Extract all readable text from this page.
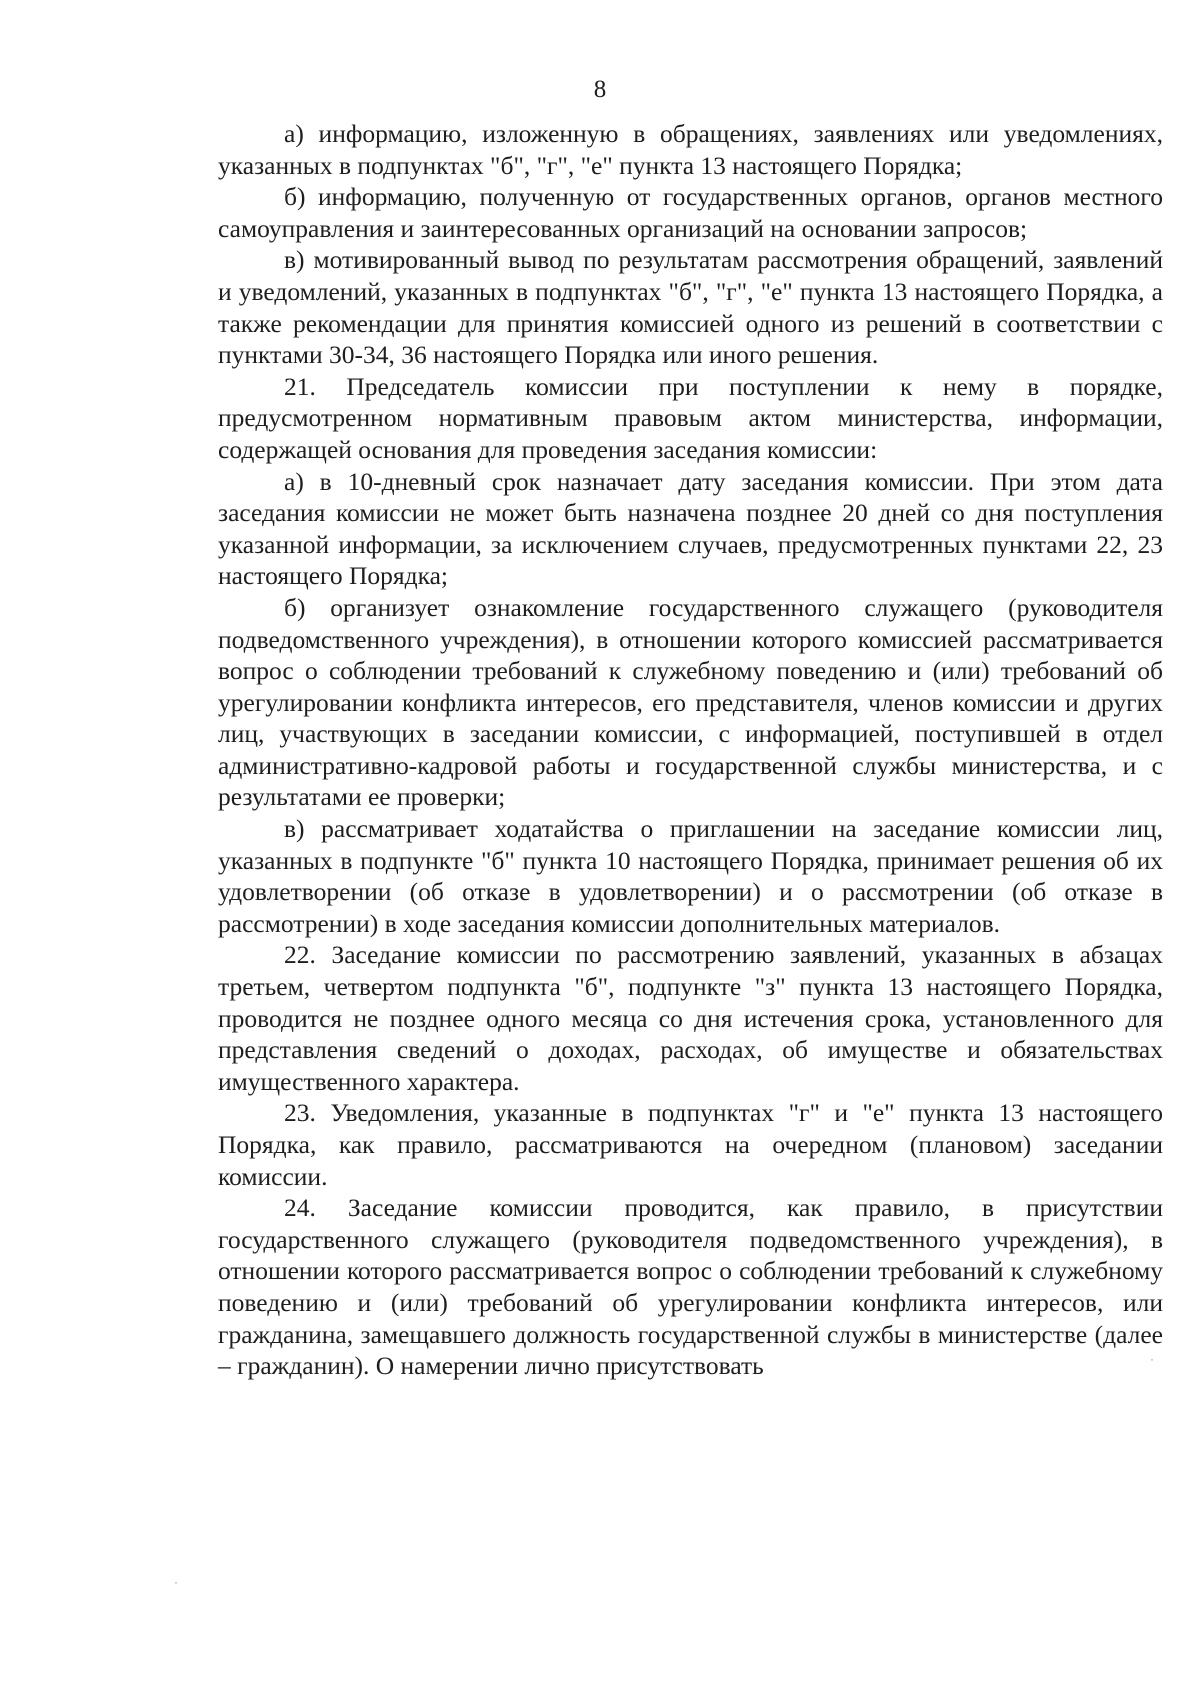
8

а) информацию, изложенную в обращениях, заявлениях или уведомлениях, указанных в подпунктах "б", "г", "е" пункта 13 настоящего Порядка;

б) информацию, полученную от государственных органов, органов местного самоуправления и заинтересованных организаций на основании запросов;

в) мотивированный вывод по результатам рассмотрения обращений, заявлений и уведомлений, указанных в подпунктах "б", "г", "е" пункта 13 настоящего Порядка, а также рекомендации для принятия комиссией одного из решений в соответствии с пунктами 30-34, 36 настоящего Порядка или иного решения.

21. Председатель комиссии при поступлении к нему в порядке, предусмотренном нормативным правовым актом министерства, информации, содержащей основания для проведения заседания комиссии:

а) в 10-дневный срок назначает дату заседания комиссии. При этом дата заседания комиссии не может быть назначена позднее 20 дней со дня поступления указанной информации, за исключением случаев, предусмотренных пунктами 22, 23 настоящего Порядка;

б) организует ознакомление государственного служащего (руководителя подведомственного учреждения), в отношении которого комиссией рассматривается вопрос о соблюдении требований к служебному поведению и (или) требований об урегулировании конфликта интересов, его представителя, членов комиссии и других лиц, участвующих в заседании комиссии, с информацией, поступившей в отдел административно-кадровой работы и государственной службы министерства, и с результатами ее проверки;

в) рассматривает ходатайства о приглашении на заседание комиссии лиц, указанных в подпункте "б" пункта 10 настоящего Порядка, принимает решения об их удовлетворении (об отказе в удовлетворении) и о рассмотрении (об отказе в рассмотрении) в ходе заседания комиссии дополнительных материалов.

22. Заседание комиссии по рассмотрению заявлений, указанных в абзацах третьем, четвертом подпункта "б", подпункте "з" пункта 13 настоящего Порядка, проводится не позднее одного месяца со дня истечения срока, установленного для представления сведений о доходах, расходах, об имуществе и обязательствах имущественного характера.

23. Уведомления, указанные в подпунктах "г" и "е" пункта 13 настоящего Порядка, как правило, рассматриваются на очередном (плановом) заседании комиссии.

24. Заседание комиссии проводится, как правило, в присутствии государственного служащего (руководителя подведомственного учреждения), в отношении которого рассматривается вопрос о соблюдении требований к служебному поведению и (или) требований об урегулировании конфликта интересов, или гражданина, замещавшего должность государственной службы в министерстве (далее – гражданин). О намерении лично присутствовать

·
·
